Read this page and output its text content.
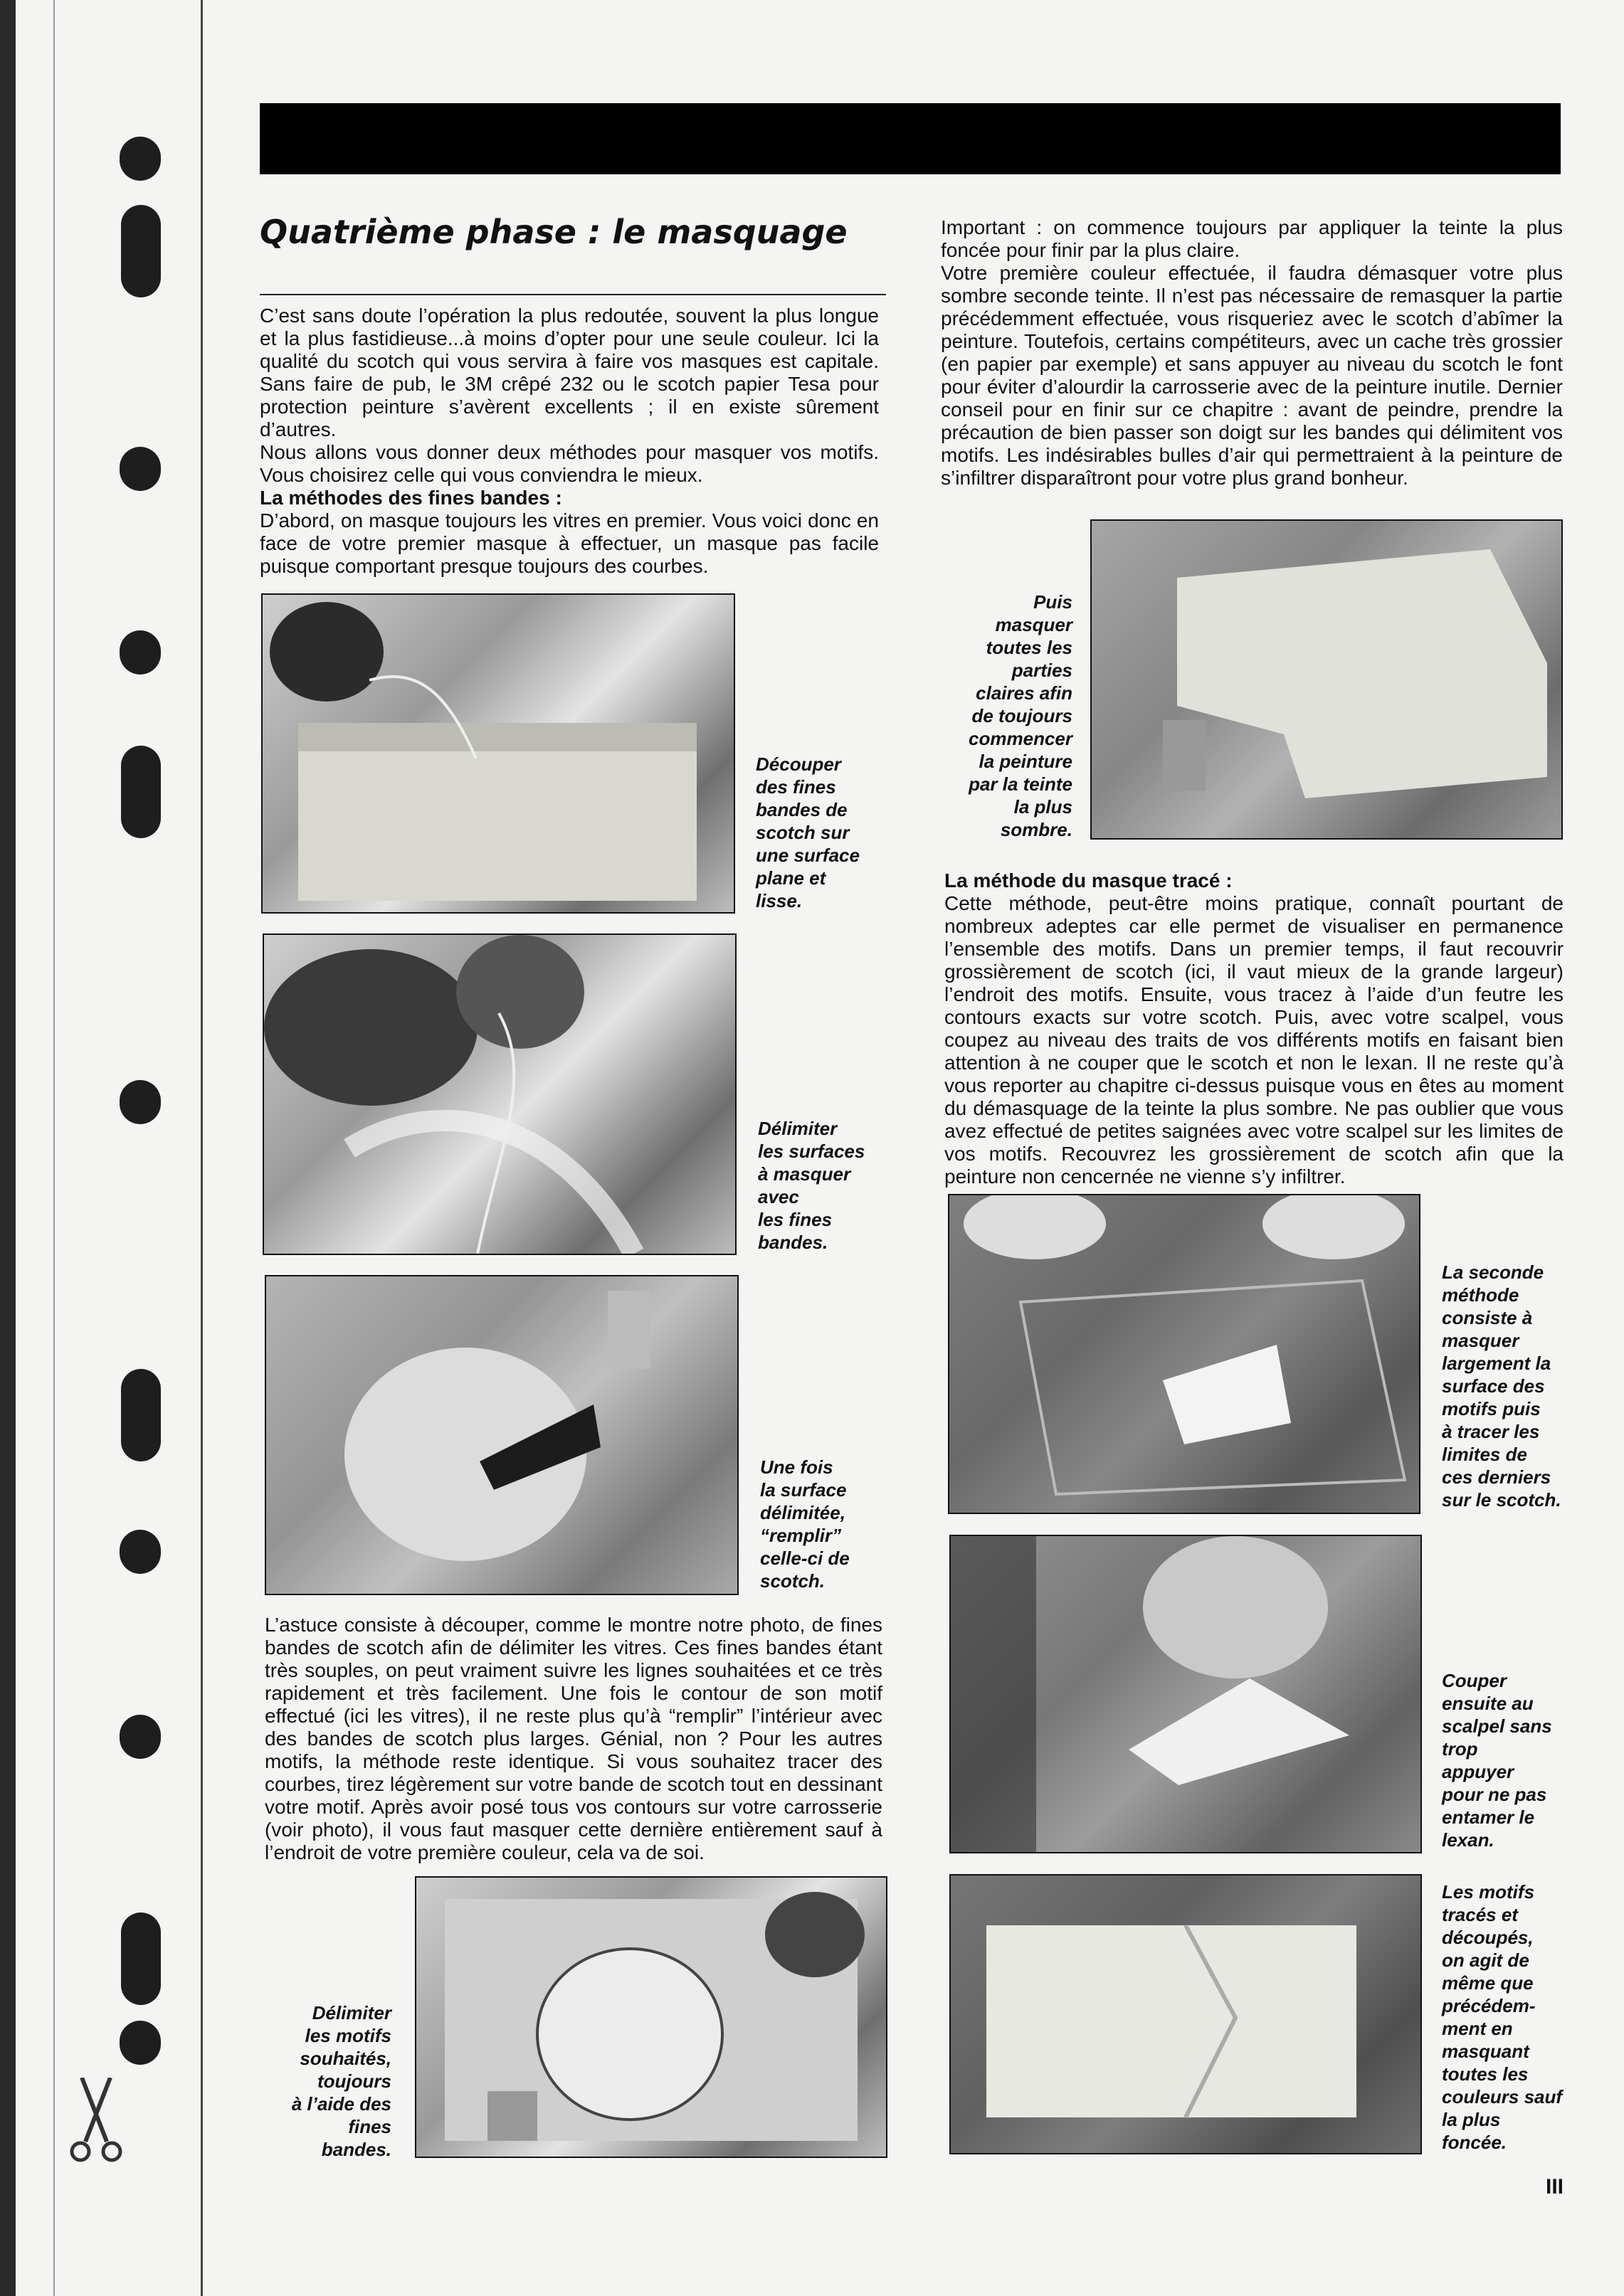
Quatrième phase : le masquage

C’est sans doute l’opération la plus redoutée, souvent la plus longue et la plus fastidieuse...à moins d’opter pour une seule couleur. Ici la qualité du scotch qui vous servira à faire vos masques est capitale. Sans faire de pub, le 3M crêpé 232 ou le scotch papier Tesa pour protection peinture s’avèrent excellents ; il en existe sûrement d’autres.

Nous allons vous donner deux méthodes pour masquer vos motifs. Vous choisirez celle qui vous conviendra le mieux.

La méthodes des fines bandes :

D’abord, on masque toujours les vitres en premier. Vous voici donc en face de votre premier masque à effectuer, un masque pas facile puisque comportant presque toujours des courbes.

Découper
des fines
bandes de
scotch sur
une surface
plane et
lisse.
Délimiter
les surfaces
à masquer
avec
les fines
bandes.
Une fois
la surface
délimitée,
“remplir”
celle-ci de
scotch.

L’astuce consiste à découper, comme le montre notre photo, de fines bandes de scotch afin de délimiter les vitres. Ces fines bandes étant très souples, on peut vraiment suivre les lignes souhaitées et ce très rapidement et très facilement. Une fois le contour de son motif effectué (ici les vitres), il ne reste plus qu’à “remplir” l’intérieur avec des bandes de scotch plus larges. Génial, non ? Pour les autres motifs, la méthode reste identique. Si vous souhaitez tracer des courbes, tirez légèrement sur votre bande de scotch tout en dessinant votre motif. Après avoir posé tous vos contours sur votre carrosserie (voir photo), il vous faut masquer cette dernière entièrement sauf à l’endroit de votre première couleur, cela va de soi.

Délimiter
les motifs
souhaités,
toujours
à l’aide des
fines
bandes.

Important : on commence toujours par appliquer la teinte la plus foncée pour finir par la plus claire.

Votre première couleur effectuée, il faudra démasquer votre plus sombre seconde teinte. Il n’est pas nécessaire de remasquer la partie précédemment effectuée, vous risqueriez avec le scotch d’abîmer la peinture. Toutefois, certains compétiteurs, avec un cache très grossier (en papier par exemple) et sans appuyer au niveau du scotch le font pour éviter d’alourdir la carrosserie avec de la peinture inutile. Dernier conseil pour en finir sur ce chapitre : avant de peindre, prendre la précaution de bien passer son doigt sur les bandes qui délimitent vos motifs. Les indésirables bulles d’air qui permettraient à la peinture de s’infiltrer disparaîtront pour votre plus grand bonheur.

Puis
masquer
toutes les
parties
claires afin
de toujours
commencer
la peinture
par la teinte
la plus
sombre.

La méthode du masque tracé :

Cette méthode, peut-être moins pratique, connaît pourtant de nombreux adeptes car elle permet de visualiser en permanence l’ensemble des motifs. Dans un premier temps, il faut recouvrir grossièrement de scotch (ici, il vaut mieux de la grande largeur) l’endroit des motifs. Ensuite, vous tracez à l’aide d’un feutre les contours exacts sur votre scotch. Puis, avec votre scalpel, vous coupez au niveau des traits de vos différents motifs en faisant bien attention à ne couper que le scotch et non le lexan. Il ne reste qu’à vous reporter au chapitre ci-dessus puisque vous en êtes au moment du démasquage de la teinte la plus sombre. Ne pas oublier que vous avez effectué de petites saignées avec votre scalpel sur les limites de vos motifs. Recouvrez les grossièrement de scotch afin que la peinture non cencernée ne vienne s’y infiltrer.

La seconde
méthode
consiste à
masquer
largement la
surface des
motifs puis
à tracer les
limites de
ces derniers
sur le scotch.
Couper
ensuite au
scalpel sans
trop
appuyer
pour ne pas
entamer le
lexan.
Les motifs
tracés et
découpés,
on agit de
même que
précédem-
ment en
masquant
toutes les
couleurs sauf
la plus
foncée.
III
